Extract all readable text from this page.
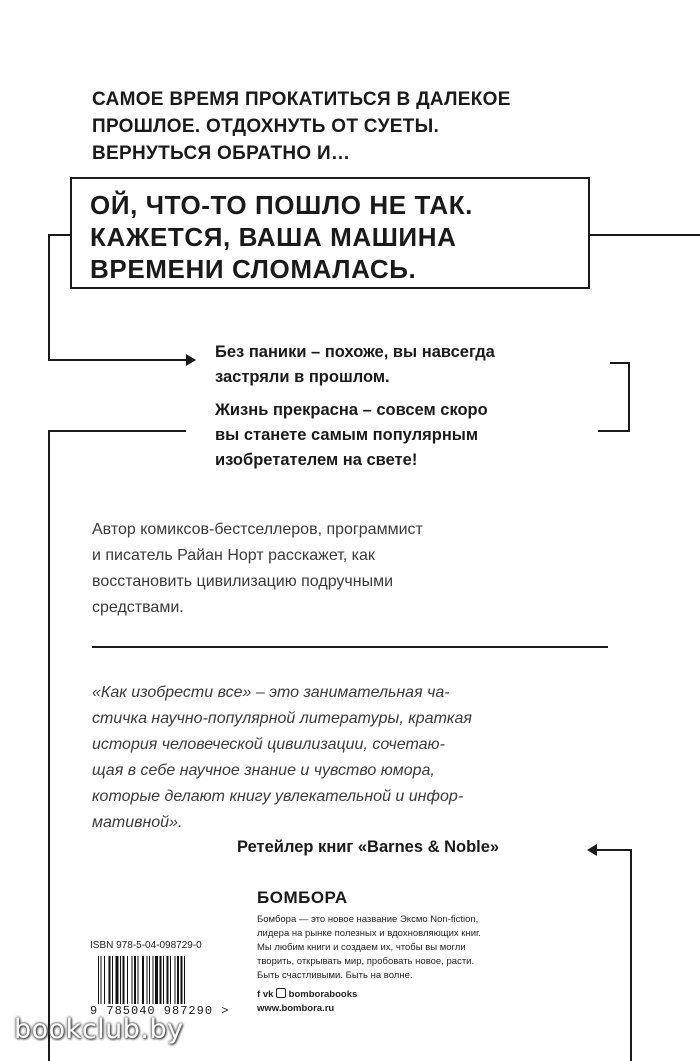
САМОЕ ВРЕМЯ ПРОКАТИТЬСЯ В ДАЛЕКОЕ
ПРОШЛОЕ. ОТДОХНУТЬ ОТ СУЕТЫ.
ВЕРНУТЬСЯ ОБРАТНО И…
ОЙ, ЧТО-ТО ПОШЛО НЕ ТАК.
КАЖЕТСЯ, ВАША МАШИНА
ВРЕМЕНИ СЛОМАЛАСЬ.
Без паники – похоже, вы навсегда
застряли в прошлом.
Жизнь прекрасна – совсем скоро
вы станете самым популярным
изобретателем на свете!
Автор комиксов-бестселлеров, программист
и писатель Райан Норт расскажет, как
восстановить цивилизацию подручными
средствами.
«Как изобрести все» – это занимательная ча-
стичка научно-популярной литературы, краткая
история человеческой цивилизации, сочетаю-
щая в себе научное знание и чувство юмора,
которые делают книгу увлекательной и инфор-
мативной».
Ретейлер книг «Barnes & Noble»
БОМБОРА
Бомбора — это новое название Эксмо Non-fiction,
лидера на рынке полезных и вдохновляющих книг.
Мы любим книги и создаем их, чтобы вы могли
творить, открывать мир, пробовать новое, расти.
Быть счастливыми. Быть на волне.
f vk bomborabooks
www.bombora.ru
ISBN 978-5-04-098729-0
9 785040 987290 >
bookclub.by
